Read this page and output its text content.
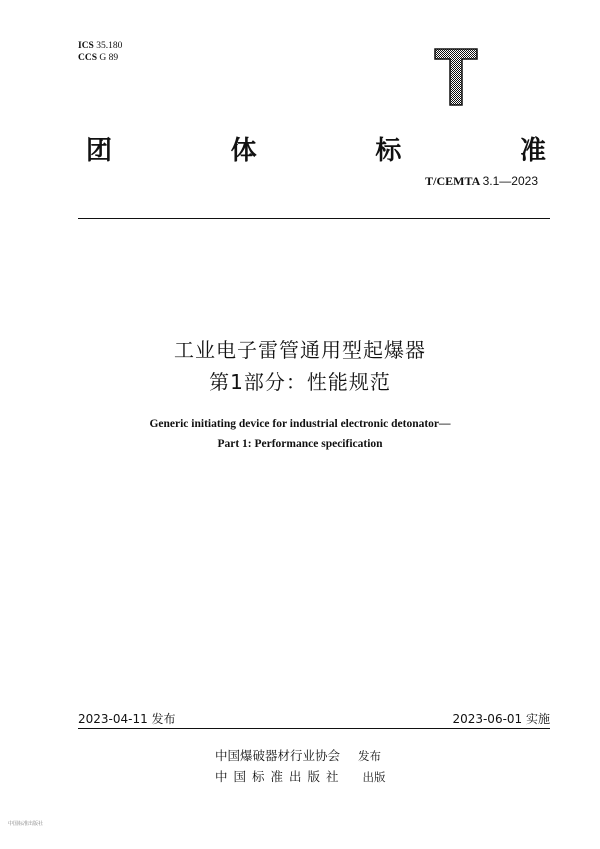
ICS 35.180
CCS G 89
团	体	标	准
T/CEMTA 3.1—2023
工业电子雷管通用型起爆器
第1部分：性能规范
Generic initiating device for industrial electronic detonator—
Part 1: Performance specification
2023-04-11 发布	2023-06-01 实施
中国爆破器材行业协会 发布
中国标准出版社 出版
中国标准出版社
